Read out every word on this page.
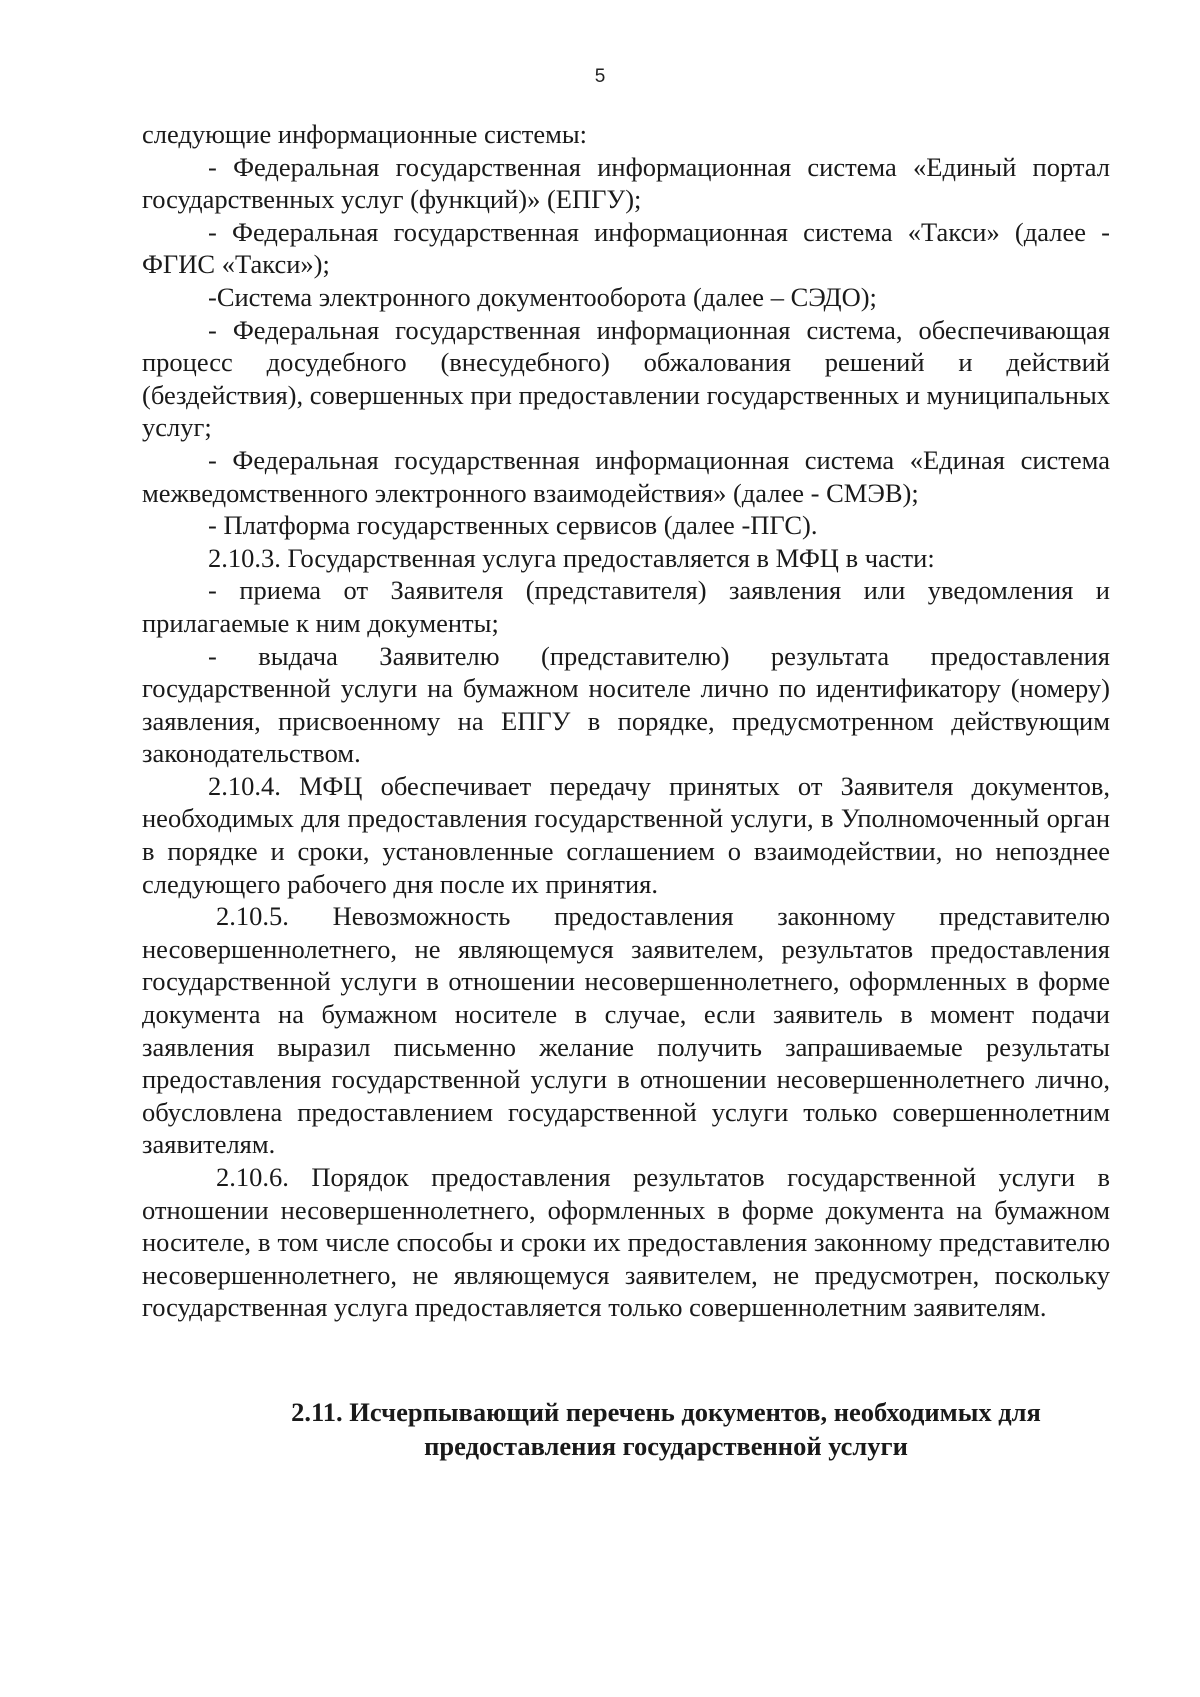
5

следующие информационные системы:

- Федеральная государственная информационная система «Единый портал государственных услуг (функций)» (ЕПГУ);

- Федеральная государственная информационная система «Такси» (далее - ФГИС «Такси»);

-Система электронного документооборота (далее – СЭДО);

- Федеральная государственная информационная система, обеспечивающая процесс досудебного (внесудебного) обжалования решений и действий (бездействия), совершенных при предоставлении государственных и муниципальных услуг;

- Федеральная государственная информационная система «Единая система межведомственного электронного взаимодействия» (далее - СМЭВ);

- Платформа государственных сервисов (далее -ПГС).

2.10.3. Государственная услуга предоставляется в МФЦ в части:

- приема от Заявителя (представителя) заявления или уведомления и прилагаемые к ним документы;

- выдача Заявителю (представителю) результата предоставления государственной услуги на бумажном носителе лично по идентификатору (номеру) заявления, присвоенному на ЕПГУ в порядке, предусмотренном действующим законодательством.

2.10.4. МФЦ обеспечивает передачу принятых от Заявителя документов, необходимых для предоставления государственной услуги, в Уполномоченный орган в порядке и сроки, установленные соглашением о взаимодействии, но непозднее следующего рабочего дня после их принятия.

2.10.5. Невозможность предоставления законному представителю несовершеннолетнего, не являющемуся заявителем, результатов предоставления государственной услуги в отношении несовершеннолетнего, оформленных в форме документа на бумажном носителе в случае, если заявитель в момент подачи заявления выразил письменно желание получить запрашиваемые результаты предоставления государственной услуги в отношении несовершеннолетнего лично, обусловлена предоставлением государственной услуги только совершеннолетним заявителям.

2.10.6. Порядок предоставления результатов государственной услуги в отношении несовершеннолетнего, оформленных в форме документа на бумажном носителе, в том числе способы и сроки их предоставления законному представителю несовершеннолетнего, не являющемуся заявителем, не предусмотрен, поскольку государственная услуга предоставляется только совершеннолетним заявителям.

2.11. Исчерпывающий перечень документов, необходимых для
предоставления государственной услуги
